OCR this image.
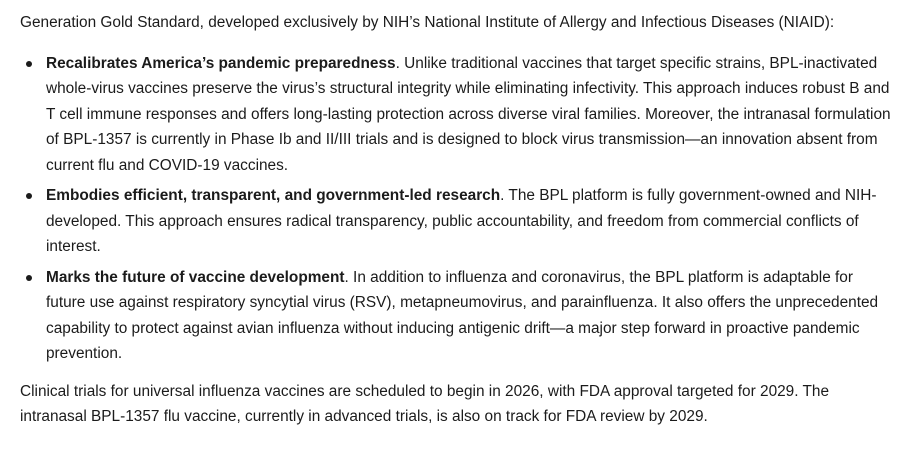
Generation Gold Standard, developed exclusively by NIH’s National Institute of Allergy and Infectious Diseases (NIAID):

Recalibrates America’s pandemic preparedness. Unlike traditional vaccines that target specific strains, BPL-inactivated whole-virus vaccines preserve the virus’s structural integrity while eliminating infectivity. This approach induces robust B and T cell immune responses and offers long-lasting protection across diverse viral families. Moreover, the intranasal formulation of BPL-1357 is currently in Phase Ib and II/III trials and is designed to block virus transmission—an innovation absent from current flu and COVID-19 vaccines.
Embodies efficient, transparent, and government-led research. The BPL platform is fully government-owned and NIH-developed. This approach ensures radical transparency, public accountability, and freedom from commercial conflicts of interest.
Marks the future of vaccine development. In addition to influenza and coronavirus, the BPL platform is adaptable for future use against respiratory syncytial virus (RSV), metapneumovirus, and parainfluenza. It also offers the unprecedented capability to protect against avian influenza without inducing antigenic drift—a major step forward in proactive pandemic prevention.

Clinical trials for universal influenza vaccines are scheduled to begin in 2026, with FDA approval targeted for 2029. The intranasal BPL-1357 flu vaccine, currently in advanced trials, is also on track for FDA review by 2029.
